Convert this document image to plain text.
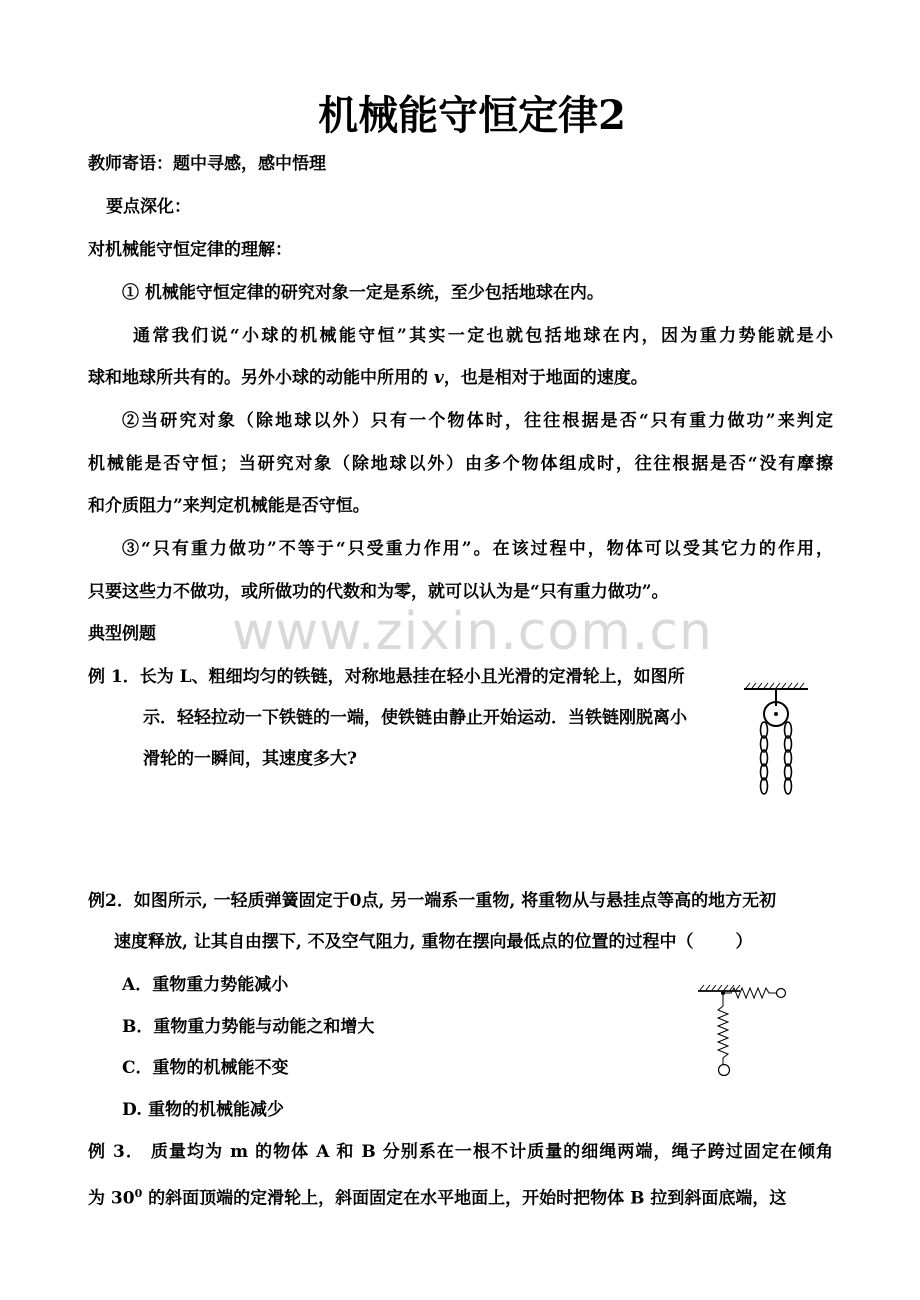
www.zixin.com.cn
机械能守恒定律2
教师寄语：题中寻感，感中悟理
要点深化：
对机械能守恒定律的理解：
① 机械能守恒定律的研究对象一定是系统，至少包括地球在内。
通常我们说“小球的机械能守恒”其实一定也就包括地球在内，因为重力势能就是小
球和地球所共有的。另外小球的动能中所用的 v，也是相对于地面的速度。
②当研究对象（除地球以外）只有一个物体时，往往根据是否“只有重力做功”来判定
机械能是否守恒；当研究对象（除地球以外）由多个物体组成时，往往根据是否“没有摩擦
和介质阻力”来判定机械能是否守恒。
③“只有重力做功”不等于“只受重力作用”。在该过程中，物体可以受其它力的作用，
只要这些力不做功，或所做功的代数和为零，就可以认为是“只有重力做功”。
典型例题
例 1．长为 L、粗细均匀的铁链，对称地悬挂在轻小且光滑的定滑轮上，如图所
示．轻轻拉动一下铁链的一端，使铁链由静止开始运动．当铁链刚脱离小
滑轮的一瞬间，其速度多大?
例2．如图所示, 一轻质弹簧固定于0点, 另一端系一重物, 将重物从与悬挂点等高的地方无初
速度释放, 让其自由摆下, 不及空气阻力, 重物在摆向最低点的位置的过程中（ ）
A．重物重力势能减小
B．重物重力势能与动能之和增大
C．重物的机械能不变
D. 重物的机械能减少
例 3． 质量均为 m 的物体 A 和 B 分别系在一根不计质量的细绳两端，绳子跨过固定在倾角
为 $30^0$ 的斜面顶端的定滑轮上，斜面固定在水平地面上，开始时把物体 B 拉到斜面底端，这
